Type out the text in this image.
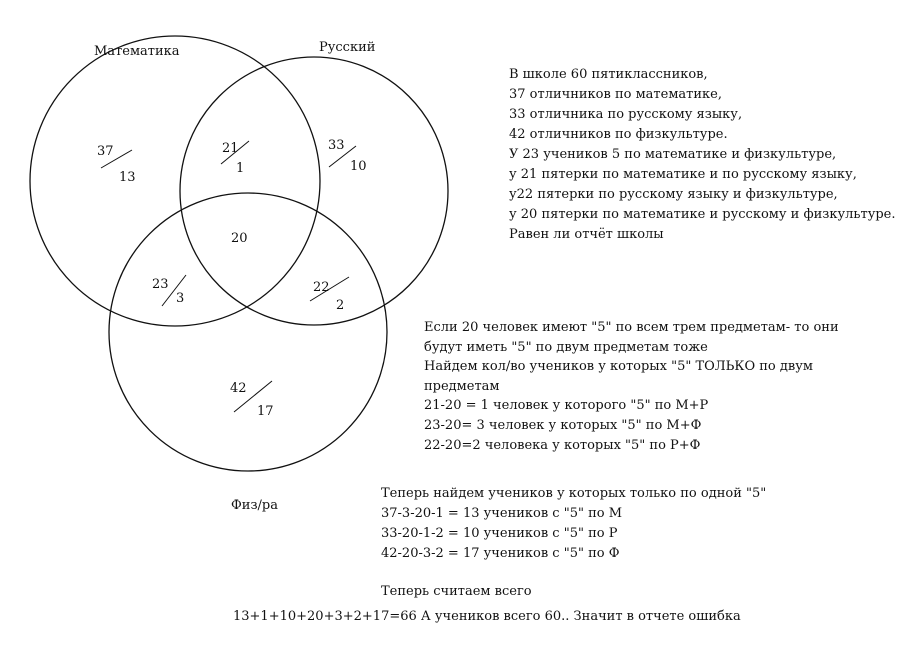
Математика	Русский
Физ/ра
37
13
21
1
33
10
20
23
3
22
2
42
17
В школе 60 пятиклассников,
37 отличников по математике,
33 отличника по русскому языку,
42 отличников по физкультуре.
У 23 учеников 5 по математике и физкультуре,
у 21 пятерки по математике и по русскому языку,
у22 пятерки по русскому языку и физкультуре,
у 20 пятерки по математике и русскому и физкультуре.
Равен ли отчёт школы
Если 20 человек имеют "5" по всем трем предметам- то они
будут иметь "5" по двум предметам тоже
Найдем кол/во учеников у которых "5" ТОЛЬКО по двум
предметам
21-20 = 1 человек у которого "5" по М+Р
23-20= 3 человек у которых "5" по М+Ф
22-20=2 человека у которых "5" по Р+Ф
Теперь найдем учеников у которых только по одной "5"
37-3-20-1 = 13 учеников с "5" по М
33-20-1-2 = 10 учеников с "5" по Р
42-20-3-2 = 17 учеников с "5" по Ф
Теперь считаем всего
13+1+10+20+3+2+17=66 А учеников всего 60.. Значит в отчете ошибка
